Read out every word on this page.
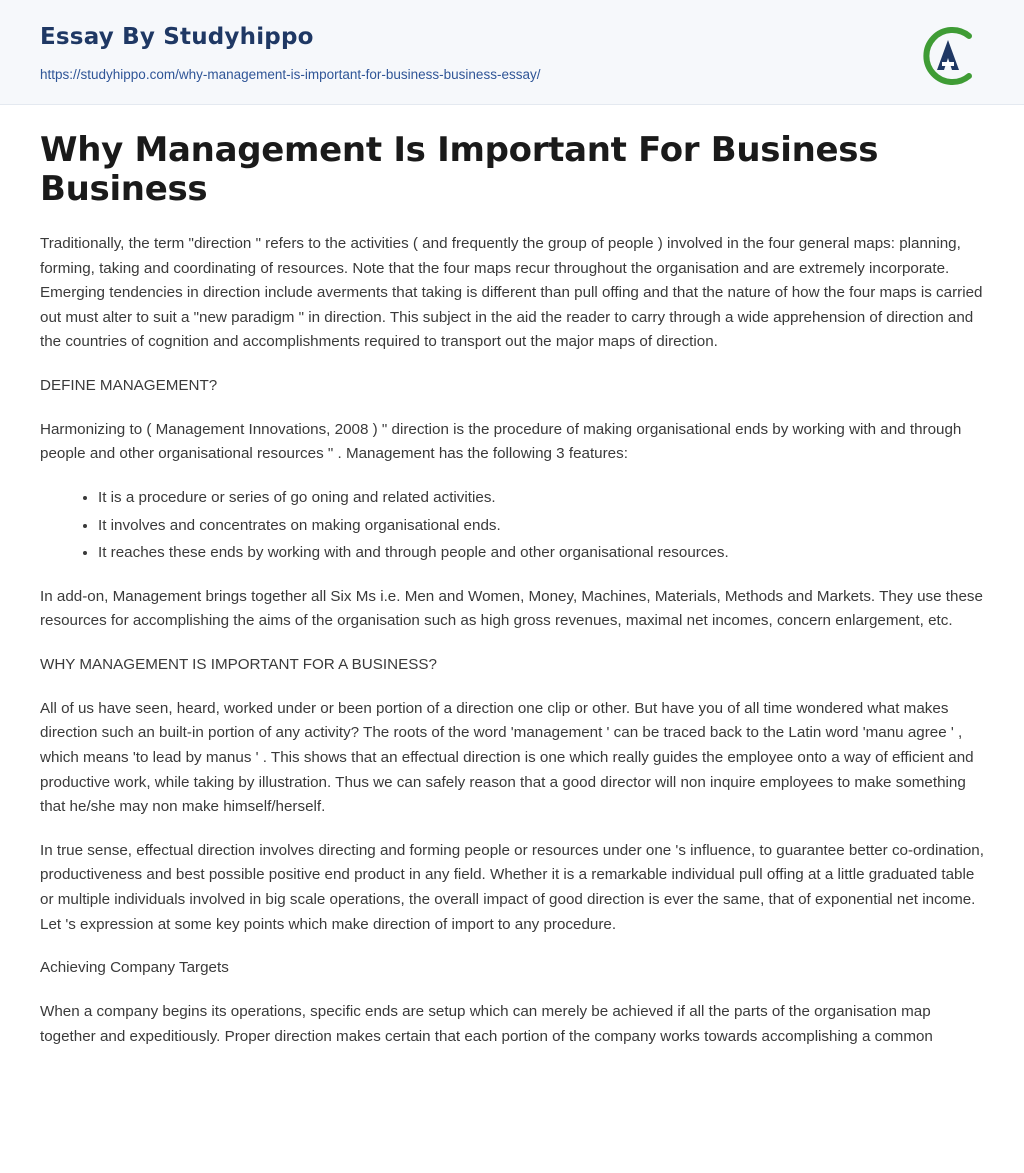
Essay By Studyhippo
https://studyhippo.com/why-management-is-important-for-business-business-essay/
Why Management Is Important For Business Business

Traditionally, the term "direction " refers to the activities ( and frequently the group of people ) involved in the four general maps: planning, forming, taking and coordinating of resources. Note that the four maps recur throughout the organisation and are extremely incorporate. Emerging tendencies in direction include averments that taking is different than pull offing and that the nature of how the four maps is carried out must alter to suit a "new paradigm " in direction. This subject in the aid the reader to carry through a wide apprehension of direction and the countries of cognition and accomplishments required to transport out the major maps of direction.

DEFINE MANAGEMENT?

Harmonizing to ( Management Innovations, 2008 ) " direction is the procedure of making organisational ends by working with and through people and other organisational resources " . Management has the following 3 features:

• It is a procedure or series of go oning and related activities.
• It involves and concentrates on making organisational ends.
• It reaches these ends by working with and through people and other organisational resources.

In add-on, Management brings together all Six Ms i.e. Men and Women, Money, Machines, Materials, Methods and Markets. They use these resources for accomplishing the aims of the organisation such as high gross revenues, maximal net incomes, concern enlargement, etc.

WHY MANAGEMENT IS IMPORTANT FOR A BUSINESS?

All of us have seen, heard, worked under or been portion of a direction one clip or other. But have you of all time wondered what makes direction such an built-in portion of any activity? The roots of the word 'management ' can be traced back to the Latin word 'manu agree ' , which means 'to lead by manus ' . This shows that an effectual direction is one which really guides the employee onto a way of efficient and productive work, while taking by illustration. Thus we can safely reason that a good director will non inquire employees to make something that he/she may non make himself/herself.

In true sense, effectual direction involves directing and forming people or resources under one 's influence, to guarantee better co-ordination, productiveness and best possible positive end product in any field. Whether it is a remarkable individual pull offing at a little graduated table or multiple individuals involved in big scale operations, the overall impact of good direction is ever the same, that of exponential net income. Let 's expression at some key points which make direction of import to any procedure.

Achieving Company Targets

When a company begins its operations, specific ends are setup which can merely be achieved if all the parts of the organisation map together and expeditiously. Proper direction makes certain that each portion of the company works towards accomplishing a common
